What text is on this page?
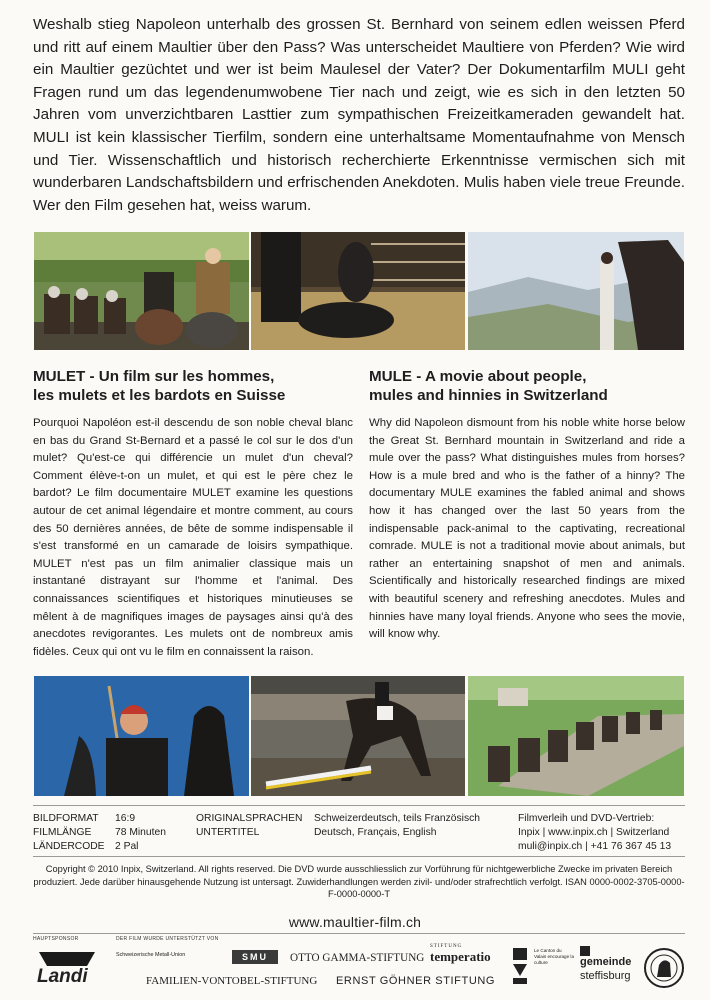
Weshalb stieg Napoleon unterhalb des grossen St. Bernhard von seinem edlen weissen Pferd und ritt auf einem Maultier über den Pass? Was unterscheidet Maultiere von Pferden? Wie wird ein Maultier gezüchtet und wer ist beim Maulesel der Vater? Der Dokumentarfilm MULI geht Fragen rund um das legendenumwobene Tier nach und zeigt, wie es sich in den letzten 50 Jahren vom unverzichtbaren Lasttier zum sympathischen Freizeitkameraden gewandelt hat. MULI ist kein klassischer Tierfilm, sondern eine unterhaltsame Momentaufnahme von Mensch und Tier. Wissenschaftlich und historisch recherchierte Erkenntnisse vermischen sich mit wunderbaren Landschaftsbildern und erfrischenden Anekdoten. Mulis haben viele treue Freunde. Wer den Film gesehen hat, weiss warum.
MULET - Un film sur les hommes,
les mulets et les bardots en Suisse

Pourquoi Napoléon est-il descendu de son noble cheval blanc en bas du Grand St-Bernard et a passé le col sur le dos d'un mulet? Qu'est-ce qui différencie un mulet d'un cheval? Comment élève-t-on un mulet, et qui est le père chez le bardot? Le film documentaire MULET examine les questions autour de cet animal légendaire et montre comment, au cours des 50 dernières années, de bête de somme indispensable il s'est transformé en un camarade de loisirs sympathique. MULET n'est pas un film animalier classique mais un instantané distrayant sur l'homme et l'animal. Des connaissances scientifiques et historiques minutieuses se mêlent à de magnifiques images de paysages ainsi qu'à des anecdotes revigorantes. Les mulets ont de nombreux amis fidèles. Ceux qui ont vu le film en connaissent la raison.

MULE - A movie about people,
mules and hinnies in Switzerland

Why did Napoleon dismount from his noble white horse below the Great St. Bernhard mountain in Switzerland and ride a mule over the pass? What distinguishes mules from horses? How is a mule bred and who is the father of a hinny? The documentary MULE examines the fabled animal and shows how it has changed over the last 50 years from the indispensable pack-animal to the captivating, recreational comrade. MULE is not a traditional movie about animals, but rather an entertaining snapshot of men and animals. Scientifically and historically researched findings are mixed with beautiful scenery and refreshing anecdotes. Mules and hinnies have many loyal friends. Anyone who sees the movie, will know why.

BILDFORMAT	16:9
FILMLÄNGE	78 Minuten
LÄNDERCODE	2 Pal
ORIGINALSPRACHEN	Schweizerdeutsch, teils Französisch
UNTERTITEL	Deutsch, Français, English
Filmverleih und DVD-Vertrieb:
Inpix | www.inpix.ch | Switzerland
muli@inpix.ch | +41 76 367 45 13
Copyright © 2010 Inpix, Switzerland. All rights reserved. Die DVD wurde ausschliesslich zur Vorführung für nichtgewerbliche Zwecke im privaten Bereich produziert. Jede darüber hinausgehende Nutzung ist untersagt. Zuwiderhandlungen werden zivil- und/oder strafrechtlich verfolgt. ISAN 0000-0002-3705-0000-F-0000-0000-T
www.maultier-film.ch
HAUPTSPONSOR	DER FILM WURDE UNTERSTÜTZT VON
Landi
Schweizerische Metall-Union	SMU	OTTO GAMMA-STIFTUNG
STIFTUNG
temperatio	Le Canton du Valais encourage la culture	gemeinde
steffisburg
FAMILIEN-VONTOBEL-STIFTUNG ERNST GÖHNER STIFTUNG
